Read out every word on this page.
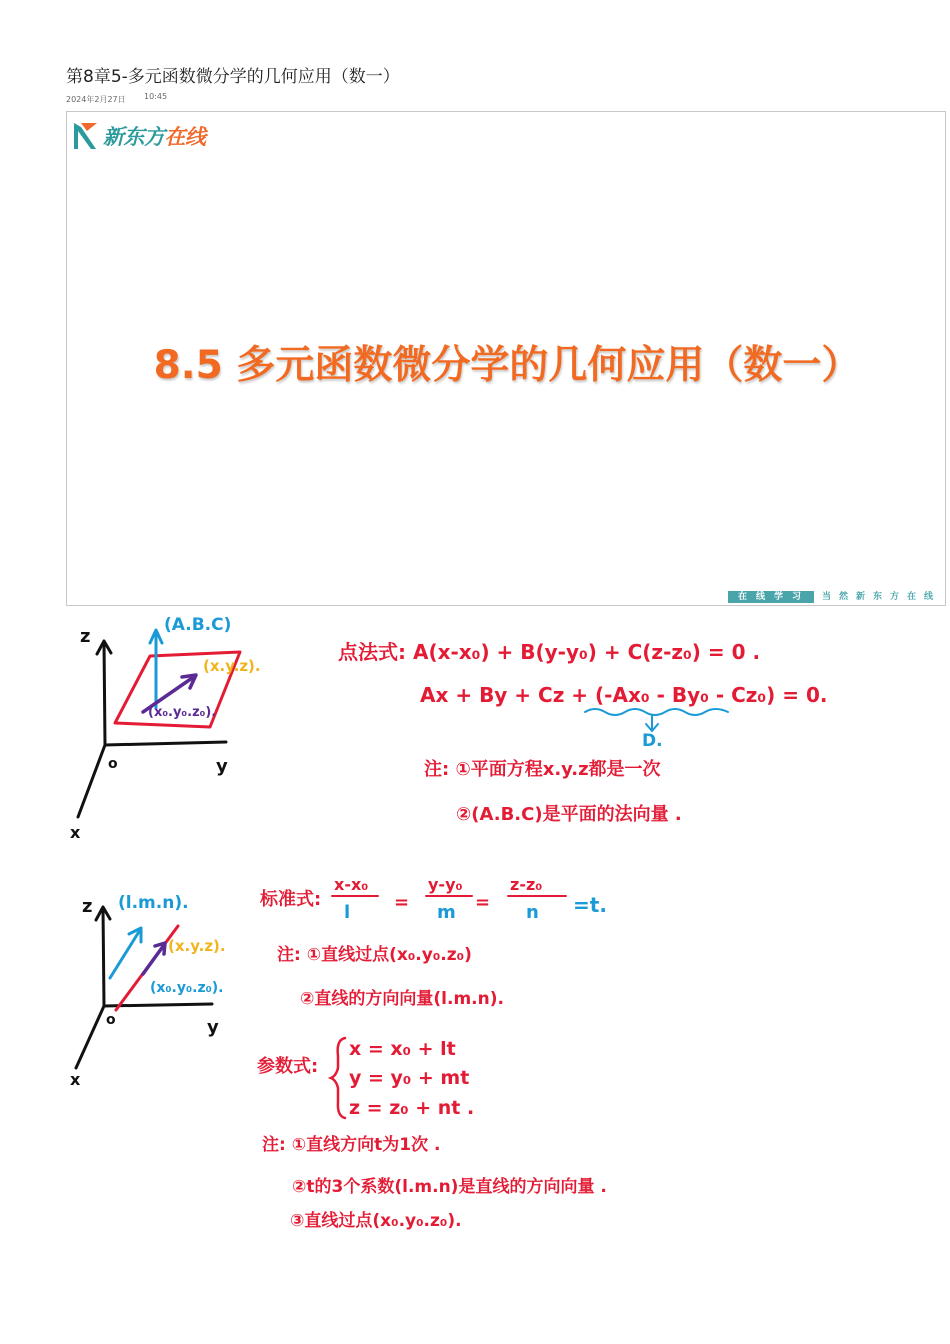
第8章5-多元函数微分学的几何应用（数一）
2024年2月27日 10:45
新东方在线
8.5 多元函数微分学的几何应用（数一）
在线学习	当然新东方在线
z
y
x
o
(A.B.C)
(x.y.z).
(x₀.y₀.z₀).
点法式: A(x-x₀) + B(y-y₀) + C(z-z₀) = 0 .
Ax + By + Cz + (-Ax₀ - By₀ - Cz₀) = 0.
D.
注: ①平面方程x.y.z都是一次
②(A.B.C)是平面的法向量 .
z
y
x
o
(l.m.n).
(x.y.z).
(x₀.y₀.z₀).
标准式:
x-x₀
l =
y-y₀
m =
z-z₀
n =t.
注: ①直线过点(x₀.y₀.z₀)
②直线的方向向量(l.m.n).
参数式:
x = x₀ + lt
y = y₀ + mt
z = z₀ + nt .
注: ①直线方向t为1次 .
②t的3个系数(l.m.n)是直线的方向向量 .
③直线过点(x₀.y₀.z₀).
